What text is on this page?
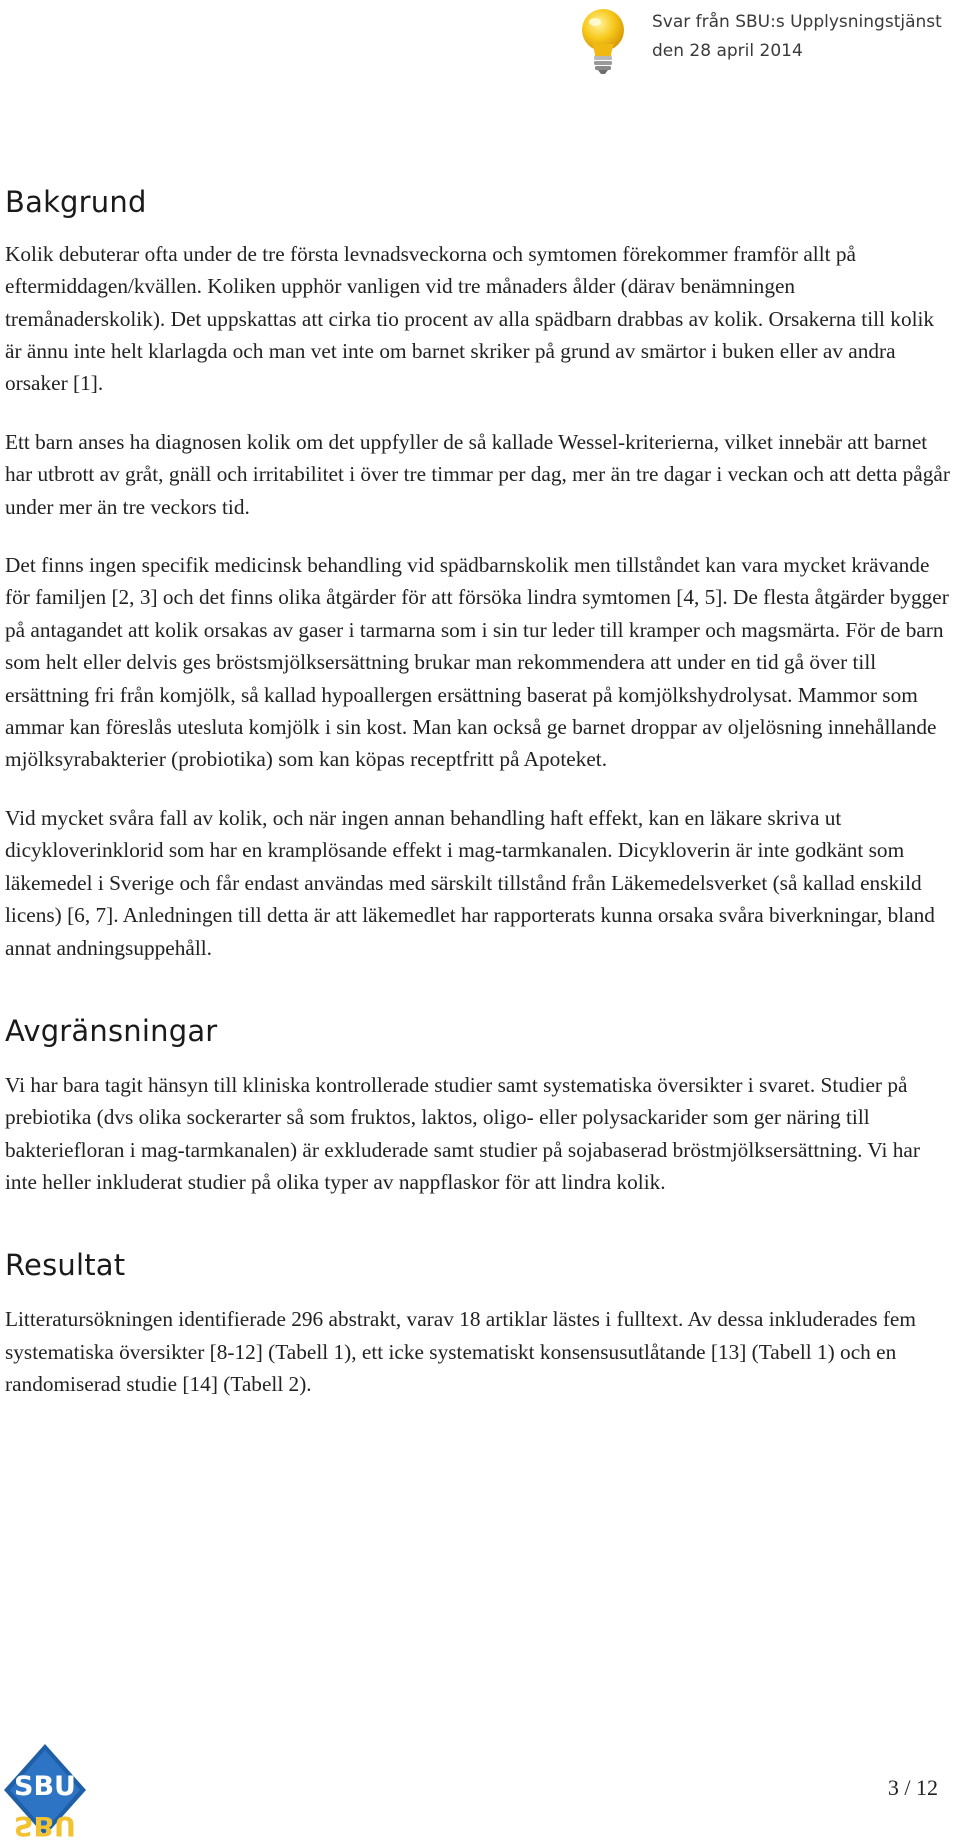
Svar från SBU:s Upplysningstjänst
den 28 april 2014
Bakgrund

Kolik debuterar ofta under de tre första levnadsveckorna och symtomen förekommer framför allt på eftermiddagen/kvällen. Koliken upphör vanligen vid tre månaders ålder (därav benämningen tremånaderskolik). Det uppskattas att cirka tio procent av alla spädbarn drabbas av kolik. Orsakerna till kolik är ännu inte helt klarlagda och man vet inte om barnet skriker på grund av smärtor i buken eller av andra orsaker [1].

Ett barn anses ha diagnosen kolik om det uppfyller de så kallade Wessel-kriterierna, vilket innebär att barnet har utbrott av gråt, gnäll och irritabilitet i över tre timmar per dag, mer än tre dagar i veckan och att detta pågår under mer än tre veckors tid.

Det finns ingen specifik medicinsk behandling vid spädbarnskolik men tillståndet kan vara mycket krävande för familjen [2, 3] och det finns olika åtgärder för att försöka lindra symtomen [4, 5]. De flesta åtgärder bygger på antagandet att kolik orsakas av gaser i tarmarna som i sin tur leder till kramper och magsmärta. För de barn som helt eller delvis ges bröstsmjölksersättning brukar man rekommendera att under en tid gå över till ersättning fri från komjölk, så kallad hypoallergen ersättning baserat på komjölkshydrolysat. Mammor som ammar kan föreslås utesluta komjölk i sin kost. Man kan också ge barnet droppar av oljelösning innehållande mjölksyrabakterier (probiotika) som kan köpas receptfritt på Apoteket.

Vid mycket svåra fall av kolik, och när ingen annan behandling haft effekt, kan en läkare skriva ut dicykloverinklorid som har en kramplösande effekt i mag-tarmkanalen. Dicykloverin är inte godkänt som läkemedel i Sverige och får endast användas med särskilt tillstånd från Läkemedelsverket (så kallad enskild licens) [6, 7]. Anledningen till detta är att läkemedlet har rapporterats kunna orsaka svåra biverkningar, bland annat andningsuppehåll.

Avgränsningar

Vi har bara tagit hänsyn till kliniska kontrollerade studier samt systematiska översikter i svaret. Studier på prebiotika (dvs olika sockerarter så som fruktos, laktos, oligo- eller polysackarider som ger näring till bakteriefloran i mag-tarmkanalen) är exkluderade samt studier på sojabaserad bröstmjölksersättning. Vi har inte heller inkluderat studier på olika typer av nappflaskor för att lindra kolik.

Resultat

Litteratursökningen identifierade 296 abstrakt, varav 18 artiklar lästes i fulltext. Av dessa inkluderades fem systematiska översikter [8-12] (Tabell 1), ett icke systematiskt konsensusutlåtande [13] (Tabell 1) och en randomiserad studie [14] (Tabell 2).

SBU
SBU
3 / 12
